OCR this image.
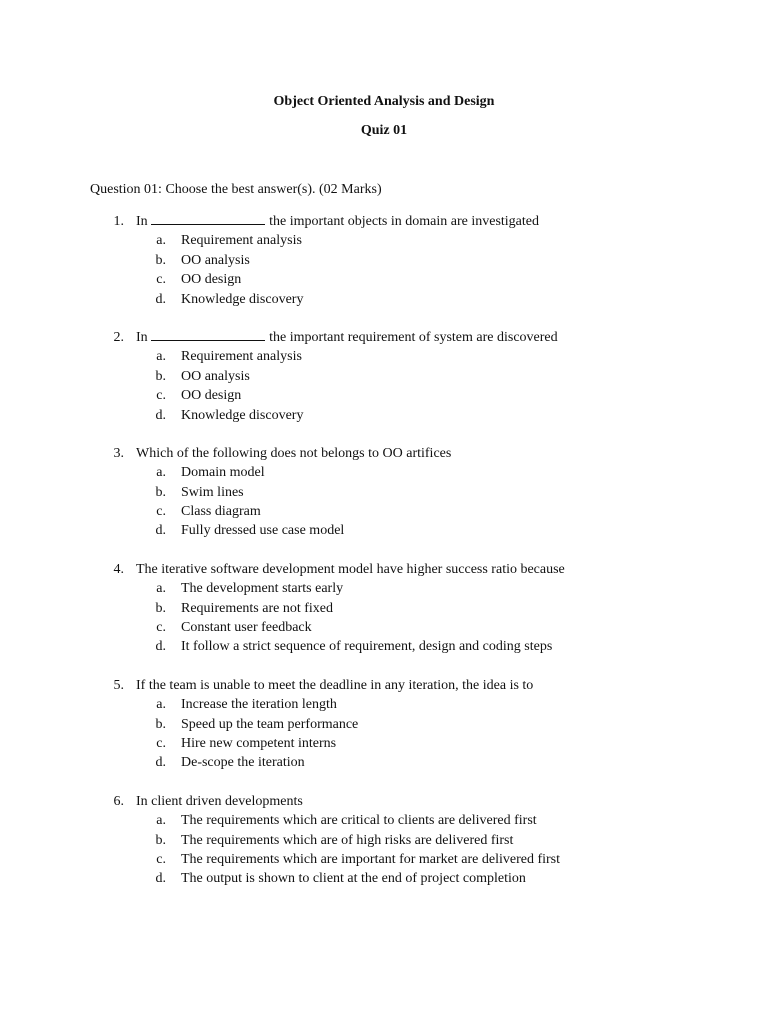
Object Oriented Analysis and Design
Quiz 01

Question 01: Choose the best answer(s). (02 Marks)

1. In	the important objects in domain are investigated
a. Requirement analysis
b. OO analysis
c. OO design
d. Knowledge discovery
2. In	the important requirement of system are discovered
a. Requirement analysis
b. OO analysis
c. OO design
d. Knowledge discovery
3. Which of the following does not belongs to OO artifices
a. Domain model
b. Swim lines
c. Class diagram
d. Fully dressed use case model
4. The iterative software development model have higher success ratio because
a. The development starts early
b. Requirements are not fixed
c. Constant user feedback
d. It follow a strict sequence of requirement, design and coding steps
5. If the team is unable to meet the deadline in any iteration, the idea is to
a. Increase the iteration length
b. Speed up the team performance
c. Hire new competent interns
d. De-scope the iteration
6. In client driven developments
a. The requirements which are critical to clients are delivered first
b. The requirements which are of high risks are delivered first
c. The requirements which are important for market are delivered first
d. The output is shown to client at the end of project completion
